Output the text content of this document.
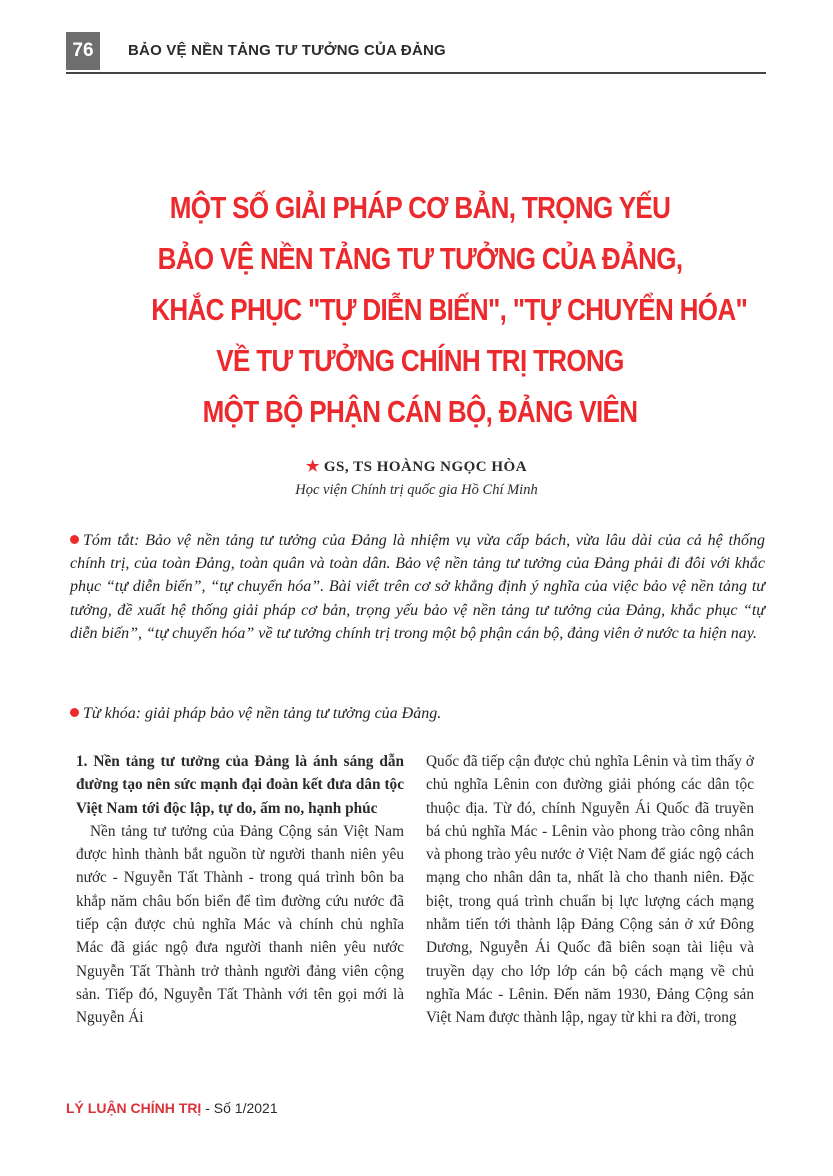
76	BẢO VỆ NỀN TẢNG TƯ TƯỞNG CỦA ĐẢNG
MỘT SỐ GIẢI PHÁP CƠ BẢN, TRỌNG YẾU
BẢO VỆ NỀN TẢNG TƯ TƯỞNG CỦA ĐẢNG,
KHẮC PHỤC "TỰ DIỄN BIẾN", "TỰ CHUYỂN HÓA"
VỀ TƯ TƯỞNG CHÍNH TRỊ TRONG
MỘT BỘ PHẬN CÁN BỘ, ĐẢNG VIÊN
★ GS, TS HOÀNG NGỌC HÒA
Học viện Chính trị quốc gia Hồ Chí Minh
Tóm tắt: Bảo vệ nền tảng tư tưởng của Đảng là nhiệm vụ vừa cấp bách, vừa lâu dài của cả hệ thống chính trị, của toàn Đảng, toàn quân và toàn dân. Bảo vệ nền tảng tư tưởng của Đảng phải đi đôi với khắc phục “tự diễn biến”, “tự chuyển hóa”. Bài viết trên cơ sở khẳng định ý nghĩa của việc bảo vệ nền tảng tư tưởng, đề xuất hệ thống giải pháp cơ bản, trọng yếu bảo vệ nền tảng tư tưởng của Đảng, khắc phục “tự diễn biến”, “tự chuyển hóa” về tư tưởng chính trị trong một bộ phận cán bộ, đảng viên ở nước ta hiện nay.
Từ khóa: giải pháp bảo vệ nền tảng tư tưởng của Đảng.

1. Nền tảng tư tưởng của Đảng là ánh sáng dẫn đường tạo nên sức mạnh đại đoàn kết đưa dân tộc Việt Nam tới độc lập, tự do, ấm no, hạnh phúc

Nền tảng tư tưởng của Đảng Cộng sản Việt Nam được hình thành bắt nguồn từ người thanh niên yêu nước - Nguyễn Tất Thành - trong quá trình bôn ba khắp năm châu bốn biển để tìm đường cứu nước đã tiếp cận được chủ nghĩa Mác và chính chủ nghĩa Mác đã giác ngộ đưa người thanh niên yêu nước Nguyễn Tất Thành trở thành người đảng viên cộng sản. Tiếp đó, Nguyễn Tất Thành với tên gọi mới là Nguyễn Ái

Quốc đã tiếp cận được chủ nghĩa Lênin và tìm thấy ở chủ nghĩa Lênin con đường giải phóng các dân tộc thuộc địa. Từ đó, chính Nguyễn Ái Quốc đã truyền bá chủ nghĩa Mác - Lênin vào phong trào công nhân và phong trào yêu nước ở Việt Nam để giác ngộ cách mạng cho nhân dân ta, nhất là cho thanh niên. Đặc biệt, trong quá trình chuẩn bị lực lượng cách mạng nhằm tiến tới thành lập Đảng Cộng sản ở xứ Đông Dương, Nguyễn Ái Quốc đã biên soạn tài liệu và truyền dạy cho lớp lớp cán bộ cách mạng về chủ nghĩa Mác - Lênin. Đến năm 1930, Đảng Cộng sản Việt Nam được thành lập, ngay từ khi ra đời, trong

LÝ LUẬN CHÍNH TRỊ - Số 1/2021
